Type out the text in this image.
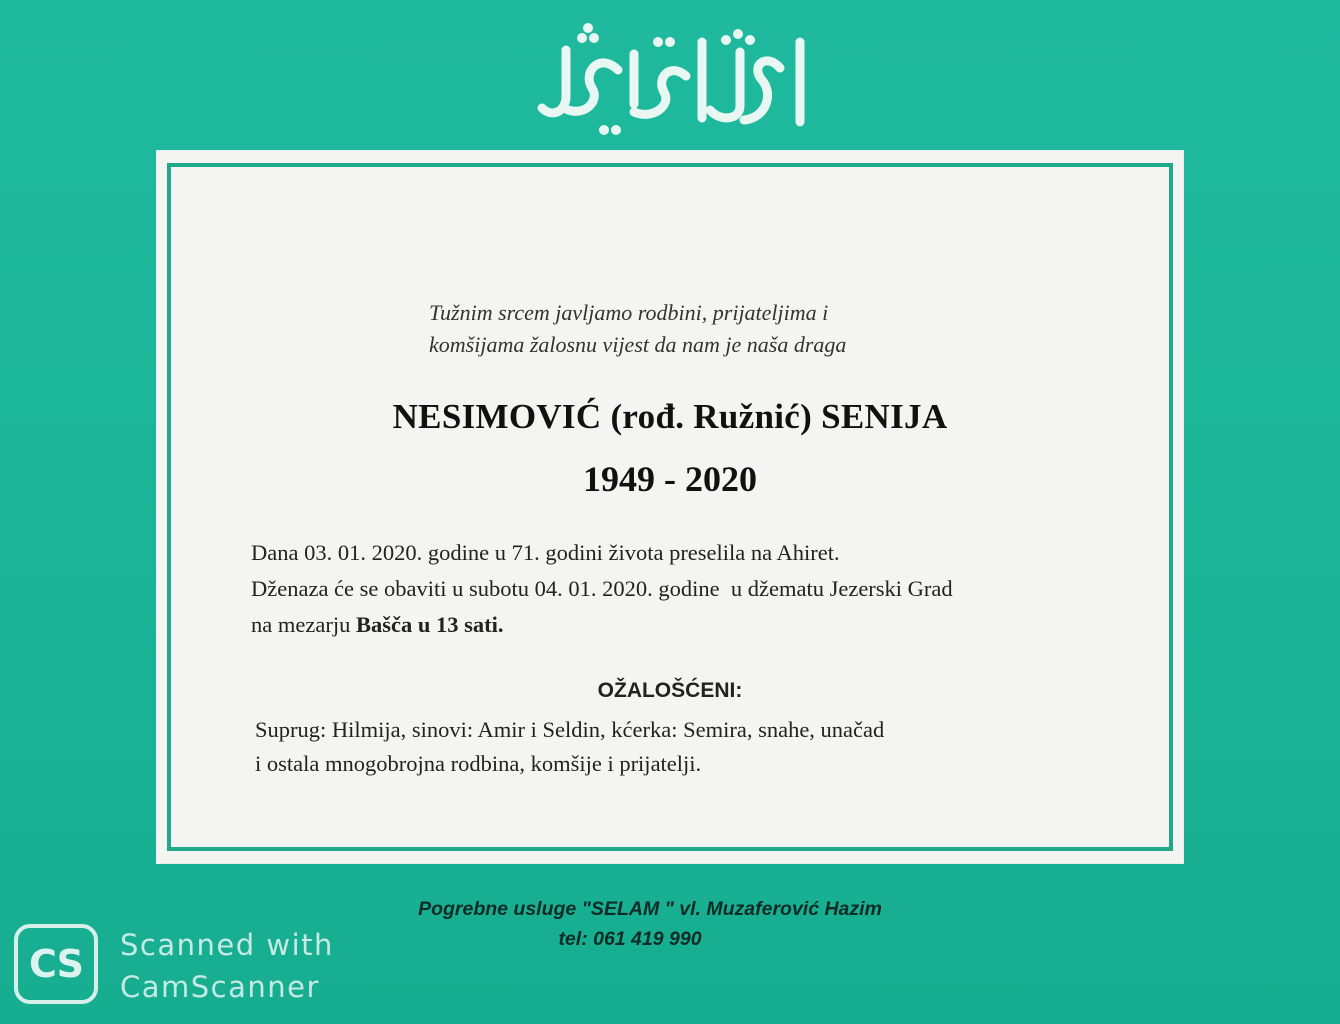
Tužnim srcem javljamo rodbini, prijateljima i
komšijama žalosnu vijest da nam je naša draga
NESIMOVIĆ (rođ. Ružnić) SENIJA
1949 - 2020
Dana 03. 01. 2020. godine u 71. godini života preselila na Ahiret.
Dženaza će se obaviti u subotu 04. 01. 2020. godine  u džematu Jezerski Grad
na mezarju Bašča u 13 sati.
OŽALOŠĆENI:
Suprug: Hilmija, sinovi: Amir i Seldin, kćerka: Semira, snahe, unačad
i ostala mnogobrojna rodbina, komšije i prijatelji.
Pogrebne usluge "SELAM " vl. Muzaferović Hazim
tel: 061 419 990
CS	Scanned with
CamScanner
